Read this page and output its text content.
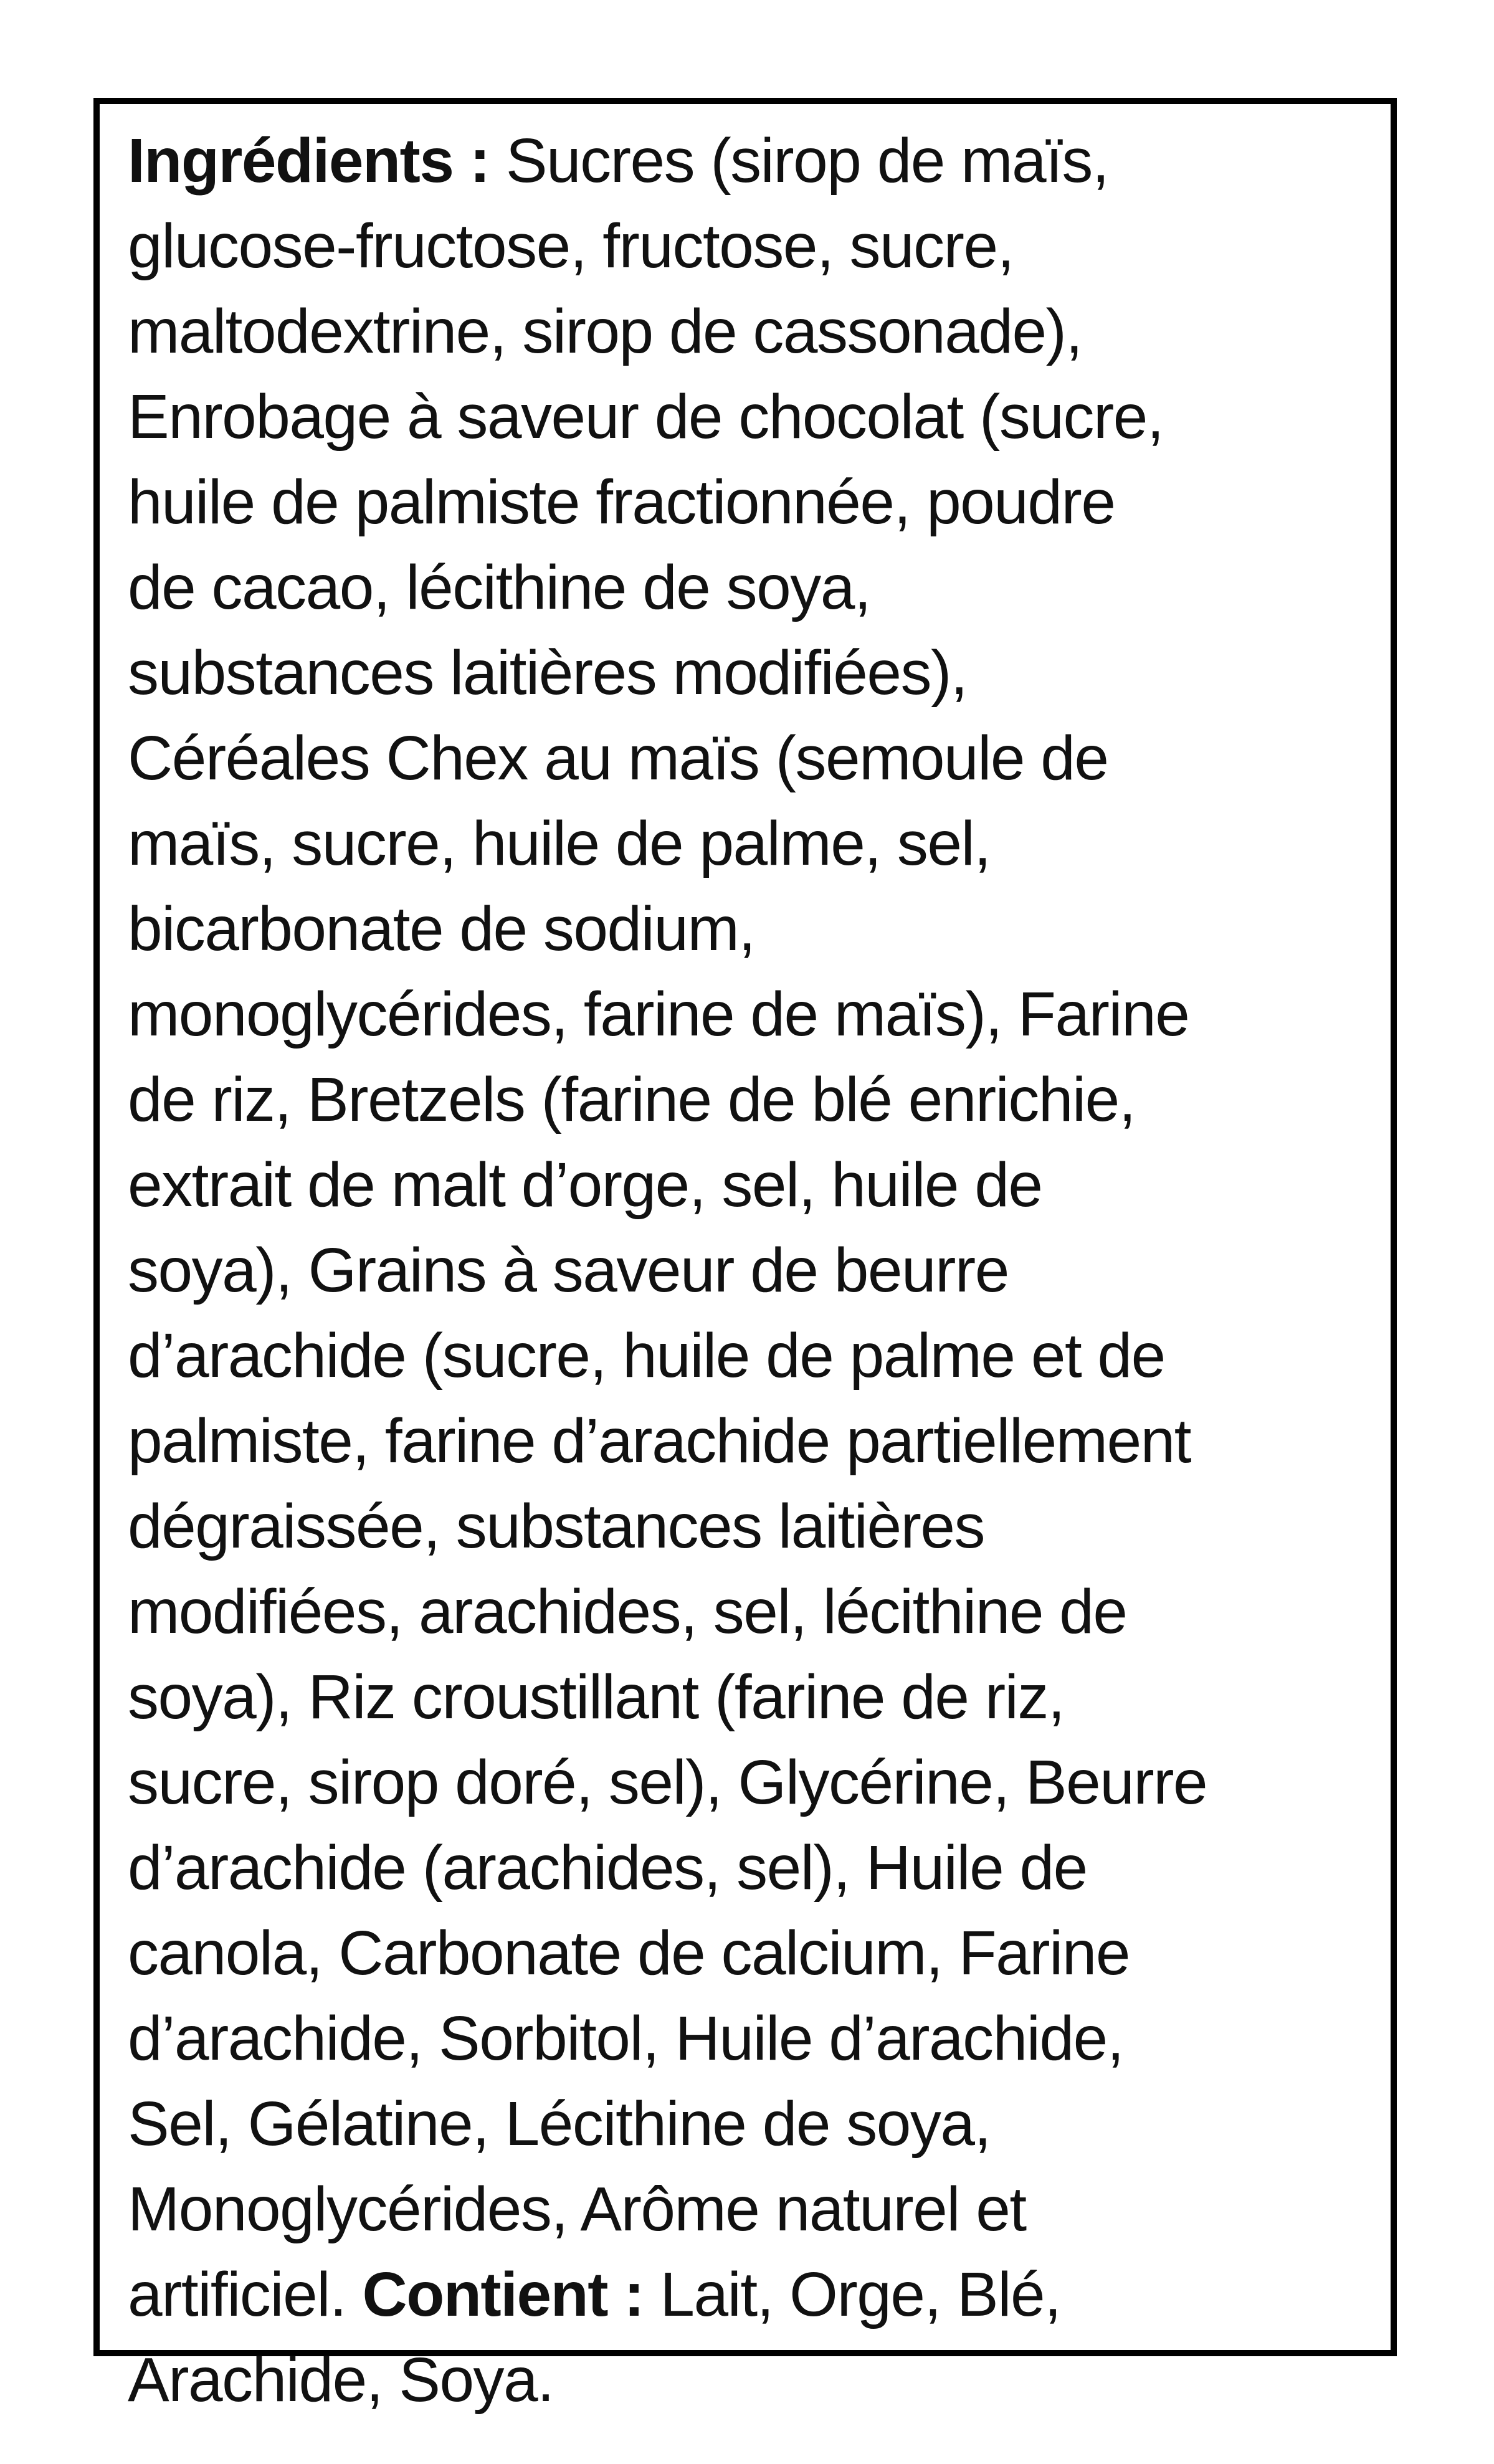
Ingrédients : Sucres (sirop de maïs,
glucose-fructose, fructose, sucre,
maltodextrine, sirop de cassonade),
Enrobage à saveur de chocolat (sucre,
huile de palmiste fractionnée, poudre
de cacao, lécithine de soya,
substances laitières modifiées),
Céréales Chex au maïs (semoule de
maïs, sucre, huile de palme, sel,
bicarbonate de sodium,
monoglycérides, farine de maïs), Farine
de riz, Bretzels (farine de blé enrichie,
extrait de malt d’orge, sel, huile de
soya), Grains à saveur de beurre
d’arachide (sucre, huile de palme et de
palmiste, farine d’arachide partiellement
dégraissée, substances laitières
modifiées, arachides, sel, lécithine de
soya), Riz croustillant (farine de riz,
sucre, sirop doré, sel), Glycérine, Beurre
d’arachide (arachides, sel), Huile de
canola, Carbonate de calcium, Farine
d’arachide, Sorbitol, Huile d’arachide,
Sel, Gélatine, Lécithine de soya,
Monoglycérides, Arôme naturel et
artificiel. Contient : Lait, Orge, Blé,
Arachide, Soya.
